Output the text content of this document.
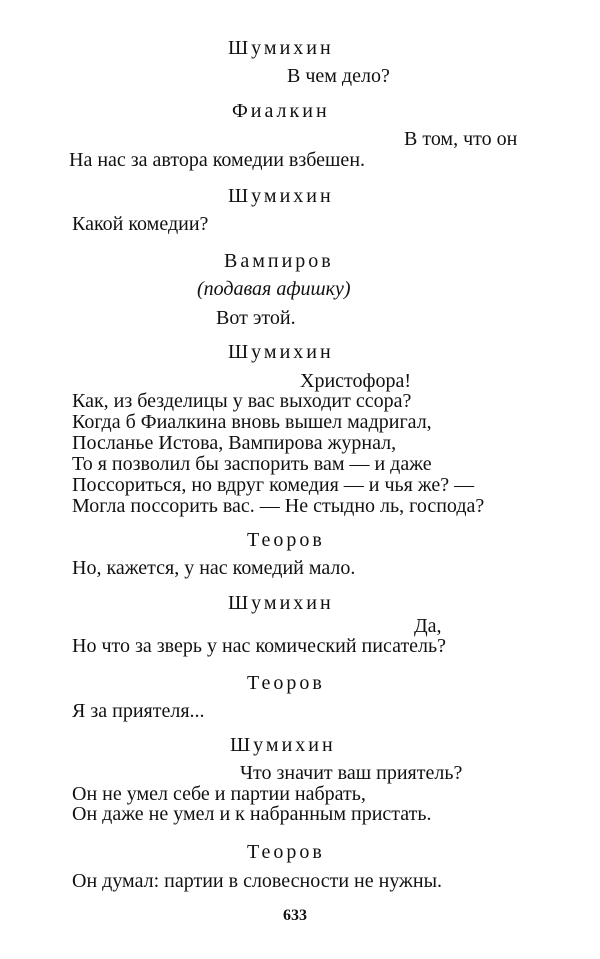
Шумихин
В чем дело?
Фиалкин
В том, что он
На нас за автора комедии взбешен.
Шумихин
Какой комедии?
Вампиров
(подавая афишку)
Вот этой.
Шумихин
Христофора!
Как, из безделицы у вас выходит ссора?
Когда б Фиалкина вновь вышел мадригал,
Посланье Истова, Вампирова журнал,
То я позволил бы заспорить вам — и даже
Поссориться, но вдруг комедия — и чья же? —
Могла поссорить вас. — Не стыдно ль, господа?
Теоров
Но, кажется, у нас комедий мало.
Шумихин
Да,
Но что за зверь у нас комический писатель?
Теоров
Я за приятеля...
Шумихин
Что значит ваш приятель?
Он не умел себе и партии набрать,
Он даже не умел и к набранным пристать.
Теоров
Он думал: партии в словесности не нужны.
633
